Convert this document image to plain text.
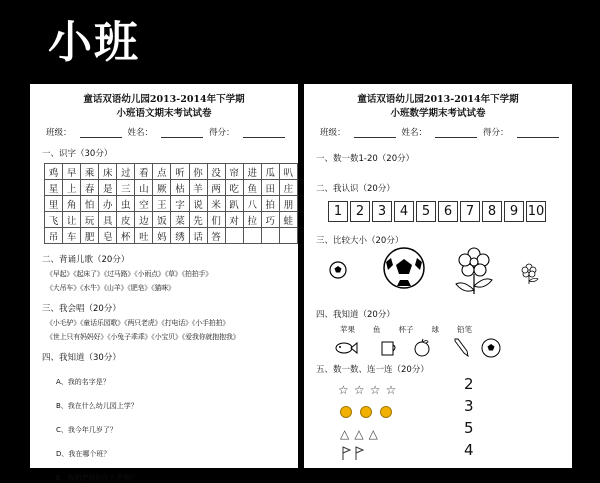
小班
童话双语幼儿园2013-2014年下学期
小班语文期末考试试卷
班级：	姓名：	得分：
一、识字（30分）
鸡	早	乘	床	过	看	点	听	你	没	帘	进	瓜	叭
星	上	春	是	三	山	厥	枯	羊	两	吃	鱼	田	庄
里	角	怕	办	虫	空	王	字	说	米	趴	八	拍	朋
飞	让	玩	具	皮	边	饭	菜	先	们	对	拉	巧	蛙
吊	车	肥	皂	杯	吐	妈	绣	话	答				
二、背诵儿歌（20分）
《早起》《起床了》《过马路》《小雨点》《草》《拍拍手》
《大吊车》《水牛》《山羊》《肥皂》《猫咪》
三、我会唱（20分）
《小毛驴》《童话乐园歌》《两只老虎》《打电话》《小手拍拍》
《世上只有妈妈好》《小兔子乖乖》《小宝贝》《爱我你就抱抱我》
四、我知道（30分）
A、我的名字是？
B、我在什么幼儿园上学？
C、我今年几岁了？
D、我在哪个班？
E、我的老师叫什么老师？
童话双语幼儿园2013-2014年下学期
小班数学期末考试试卷
班级：	姓名：	得分：
一、数一数1-20（20分）
二、我认识（20分）
1	2	3	4	5	6	7	8	9 10
三、比较大小（20分）
四、我知道（20分）
苹果 鱼 杯子 球 铅笔
五、数一数、连一连（20分）
☆ ☆ ☆ ☆

△ △ △
2
3
5
4
